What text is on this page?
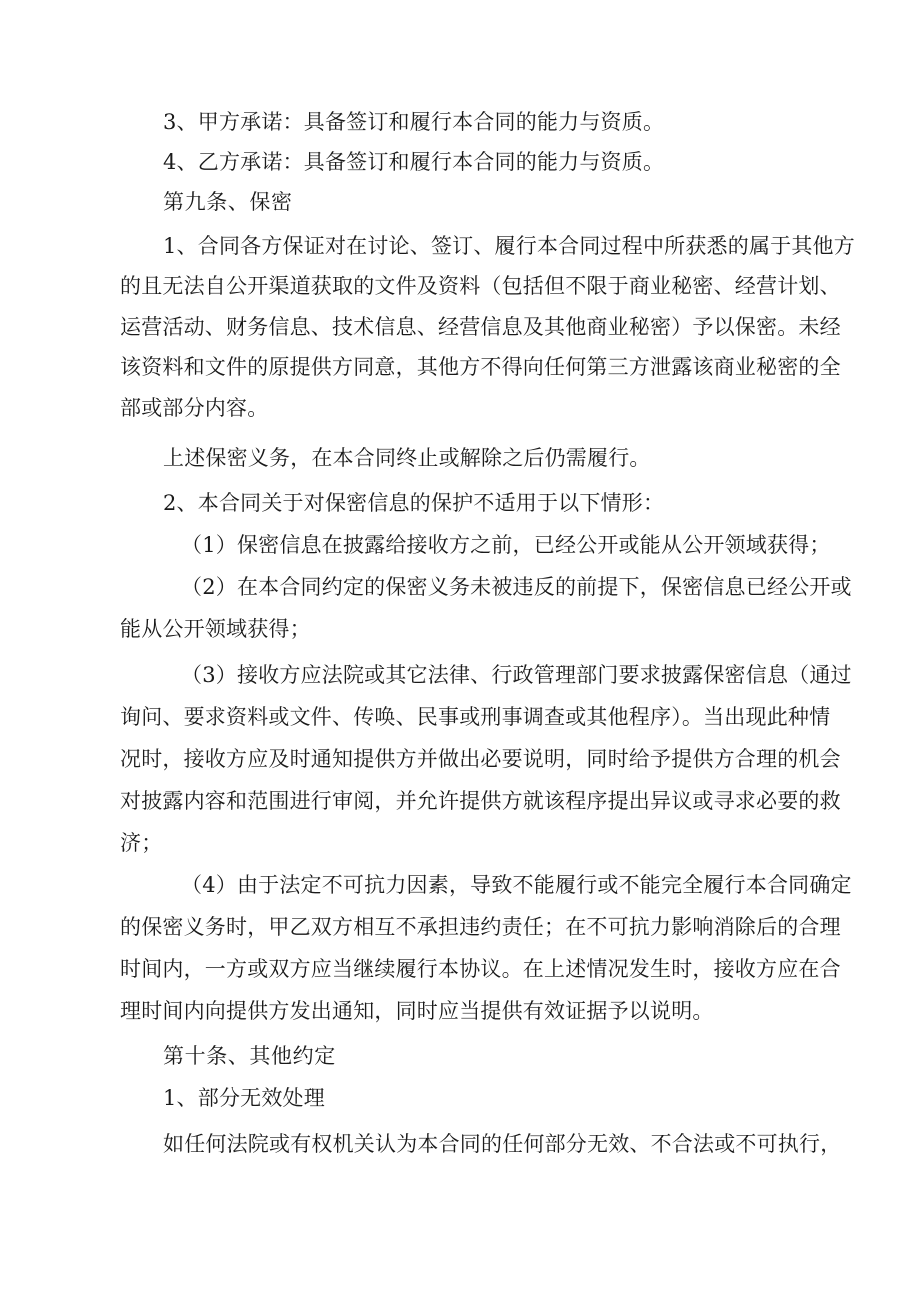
3、甲方承诺：具备签订和履行本合同的能力与资质。
4、乙方承诺：具备签订和履行本合同的能力与资质。
第九条、保密
1、合同各方保证对在讨论、签订、履行本合同过程中所获悉的属于其他方
的且无法自公开渠道获取的文件及资料（包括但不限于商业秘密、经营计划、
运营活动、财务信息、技术信息、经营信息及其他商业秘密）予以保密。未经
该资料和文件的原提供方同意，其他方不得向任何第三方泄露该商业秘密的全
部或部分内容。
上述保密义务，在本合同终止或解除之后仍需履行。
2、本合同关于对保密信息的保护不适用于以下情形：
（1）保密信息在披露给接收方之前，已经公开或能从公开领域获得；
（2）在本合同约定的保密义务未被违反的前提下，保密信息已经公开或
能从公开领域获得；
（3）接收方应法院或其它法律、行政管理部门要求披露保密信息（通过
询问、要求资料或文件、传唤、民事或刑事调查或其他程序）。当出现此种情
况时，接收方应及时通知提供方并做出必要说明，同时给予提供方合理的机会
对披露内容和范围进行审阅，并允许提供方就该程序提出异议或寻求必要的救
济；
（4）由于法定不可抗力因素，导致不能履行或不能完全履行本合同确定
的保密义务时，甲乙双方相互不承担违约责任；在不可抗力影响消除后的合理
时间内，一方或双方应当继续履行本协议。在上述情况发生时，接收方应在合
理时间内向提供方发出通知，同时应当提供有效证据予以说明。
第十条、其他约定
1、部分无效处理
如任何法院或有权机关认为本合同的任何部分无效、不合法或不可执行，
